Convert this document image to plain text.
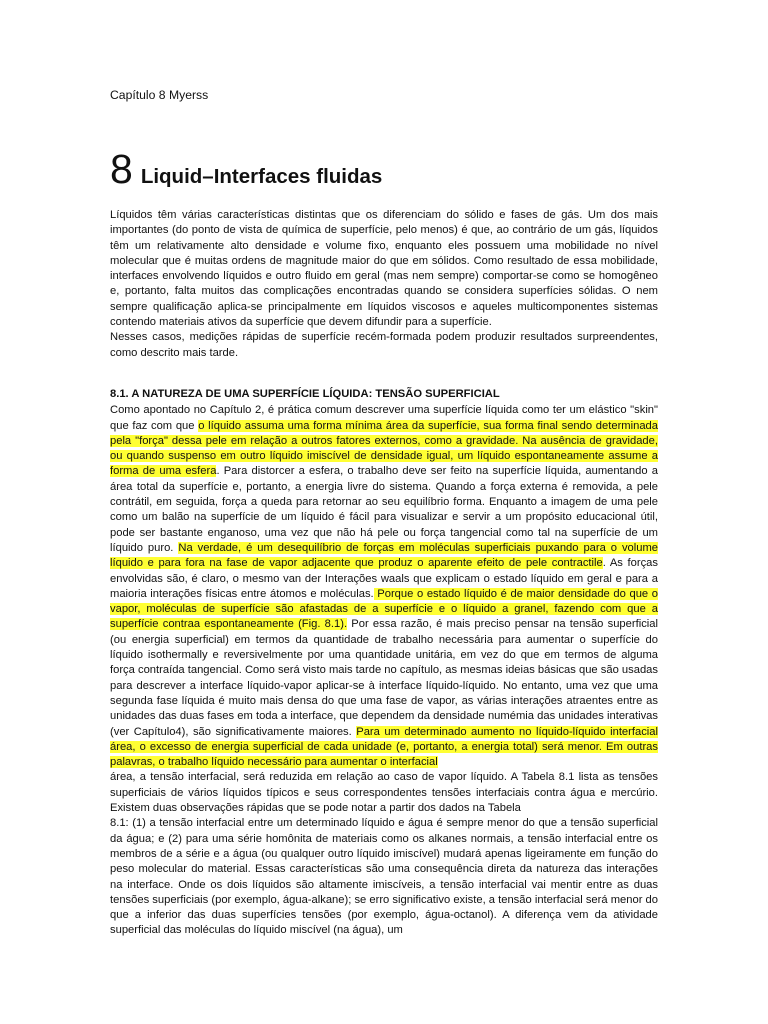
Capítulo 8 Myerss
8 Liquid–Interfaces fluidas

Líquidos têm várias características distintas que os diferenciam do sólido e fases de gás. Um dos mais importantes (do ponto de vista de química de superfície, pelo menos) é que, ao contrário de um gás, líquidos têm um relativamente alto densidade e volume fixo, enquanto eles possuem uma mobilidade no nível molecular que é muitas ordens de magnitude maior do que em sólidos. Como resultado de essa mobilidade, interfaces envolvendo líquidos e outro fluido em geral (mas nem sempre) comportar-se como se homogêneo e, portanto, falta muitos das complicações encontradas quando se considera superfícies sólidas. O nem sempre qualificação aplica-se principalmente em líquidos viscosos e aqueles multicomponentes sistemas contendo materiais ativos da superfície que devem difundir para a superfície.

Nesses casos, medições rápidas de superfície recém-formada podem produzir resultados surpreendentes, como descrito mais tarde.

8.1. A NATUREZA DE UMA SUPERFÍCIE LÍQUIDA: TENSÃO SUPERFICIAL

Como apontado no Capítulo 2, é prática comum descrever uma superfície líquida como ter um elástico "skin" que faz com que o líquido assuma uma forma mínima área da superfície, sua forma final sendo determinada pela "força" dessa pele em relação a outros fatores externos, como a gravidade. Na ausência de gravidade, ou quando suspenso em outro líquido imiscível de densidade igual, um líquido espontaneamente assume a forma de uma esfera. Para distorcer a esfera, o trabalho deve ser feito na superfície líquida, aumentando a área total da superfície e, portanto, a energia livre do sistema. Quando a força externa é removida, a pele contrátil, em seguida, força a queda para retornar ao seu equilíbrio forma. Enquanto a imagem de uma pele como um balão na superfície de um líquido é fácil para visualizar e servir a um propósito educacional útil, pode ser bastante enganoso, uma vez que não há pele ou força tangencial como tal na superfície de um líquido puro. Na verdade, é um desequilíbrio de forças em moléculas superficiais puxando para o volume líquido e para fora na fase de vapor adjacente que produz o aparente efeito de pele contractile. As forças envolvidas são, é claro, o mesmo van der Interações waals que explicam o estado líquido em geral e para a maioria interações físicas entre átomos e moléculas. Porque o estado líquido é de maior densidade do que o vapor, moléculas de superfície são afastadas de a superfície e o líquido a granel, fazendo com que a superfície contraa espontaneamente (Fig. 8.1). Por essa razão, é mais preciso pensar na tensão superficial (ou energia superficial) em termos da quantidade de trabalho necessária para aumentar o superfície do líquido isothermally e reversivelmente por uma quantidade unitária, em vez do que em termos de alguma força contraída tangencial. Como será visto mais tarde no capítulo, as mesmas ideias básicas que são usadas para descrever a interface líquido-vapor aplicar-se à interface líquido-líquido. No entanto, uma vez que uma segunda fase líquida é muito mais densa do que uma fase de vapor, as várias interações atraentes entre as unidades das duas fases em toda a interface, que dependem da densidade numémia das unidades interativas (ver Capítulo4), são significativamente maiores. Para um determinado aumento no líquido-líquido interfacial área, o excesso de energia superficial de cada unidade (e, portanto, a energia total) será menor. Em outras palavras, o trabalho líquido necessário para aumentar o interfacial

área, a tensão interfacial, será reduzida em relação ao caso de vapor líquido. A Tabela 8.1 lista as tensões superficiais de vários líquidos típicos e seus correspondentes tensões interfaciais contra água e mercúrio. Existem duas observações rápidas que se pode notar a partir dos dados na Tabela

8.1: (1) a tensão interfacial entre um determinado líquido e água é sempre menor do que a tensão superficial da água; e (2) para uma série homônita de materiais como os alkanes normais, a tensão interfacial entre os membros de a série e a água (ou qualquer outro líquido imiscível) mudará apenas ligeiramente em função do peso molecular do material. Essas características são uma consequência direta da natureza das interações na interface. Onde os dois líquidos são altamente imiscíveis, a tensão interfacial vai mentir entre as duas tensões superficiais (por exemplo, água-alkane); se erro significativo existe, a tensão interfacial será menor do que a inferior das duas superfícies tensões (por exemplo, água-octanol). A diferença vem da atividade superficial das moléculas do líquido miscível (na água), um
